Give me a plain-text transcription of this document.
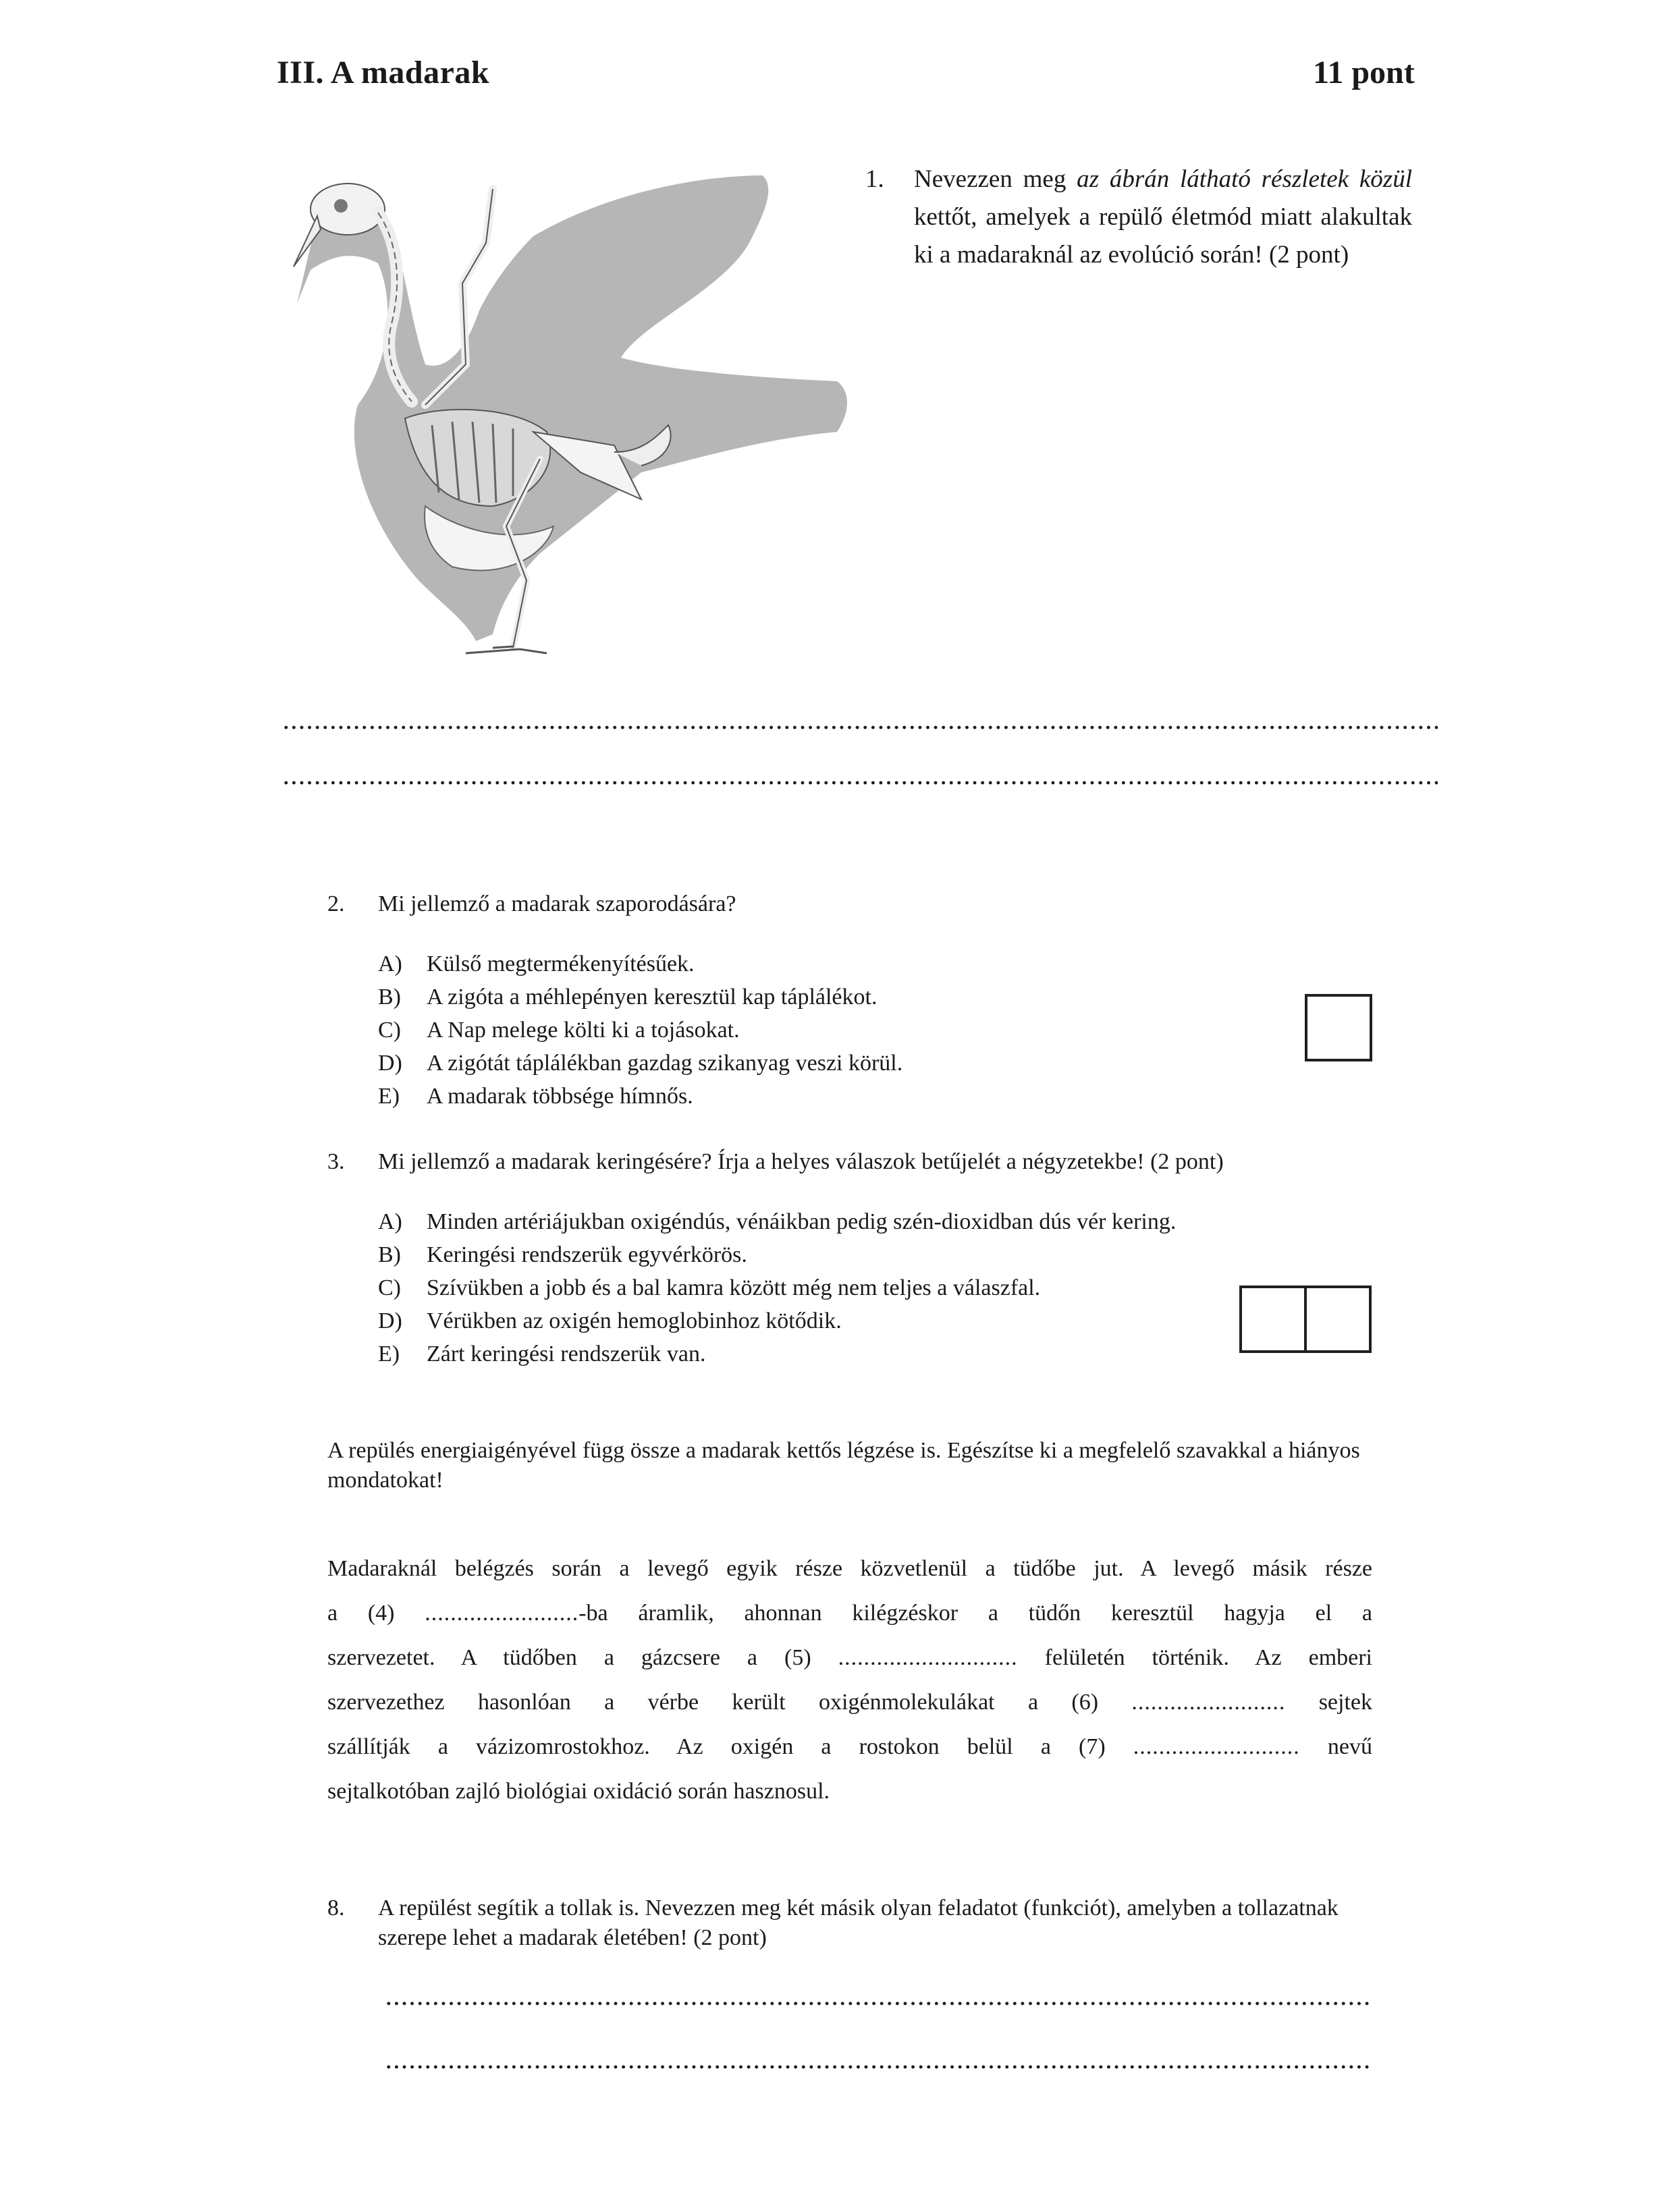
III. A madarak	11 pont
1. Nevezzen meg az ábrán látható részletek közül kettőt, amelyek a repülő életmód miatt alakultak ki a madaraknál az evolúció során! (2 pont)
2. Mi jellemző a madarak szaporodására?
A) Külső megtermékenyítésűek.
B) A zigóta a méhlepényen keresztül kap táplálékot.
C) A Nap melege költi ki a tojásokat.
D) A zigótát táplálékban gazdag szikanyag veszi körül.
E) A madarak többsége hímnős.
3. Mi jellemző a madarak keringésére? Írja a helyes válaszok betűjelét a négyzetekbe! (2 pont)
A) Minden artériájukban oxigéndús, vénáikban pedig szén-dioxidban dús vér kering.
B) Keringési rendszerük egyvérkörös.
C) Szívükben a jobb és a bal kamra között még nem teljes a válaszfal.
D) Vérükben az oxigén hemoglobinhoz kötődik.
E) Zárt keringési rendszerük van.
A repülés energiaigényével függ össze a madarak kettős légzése is. Egészítse ki a megfelelő szavakkal a hiányos mondatokat!

Madaraknál belégzés során a levegő egyik része közvetlenül a tüdőbe jut. A levegő másik része

a (4) ........................-ba áramlik, ahonnan kilégzéskor a tüdőn keresztül hagyja el a

szervezetet. A tüdőben a gázcsere a (5) ............................ felületén történik. Az emberi

szervezethez hasonlóan a vérbe került oxigénmolekulákat a (6) ........................ sejtek

szállítják a vázizomrostokhoz. Az oxigén a rostokon belül a (7) .......................... nevű

sejtalkotóban zajló biológiai oxidáció során hasznosul.

8. A repülést segítik a tollak is. Nevezzen meg két másik olyan feladatot (funkciót), amelyben a tollazatnak szerepe lehet a madarak életében! (2 pont)
